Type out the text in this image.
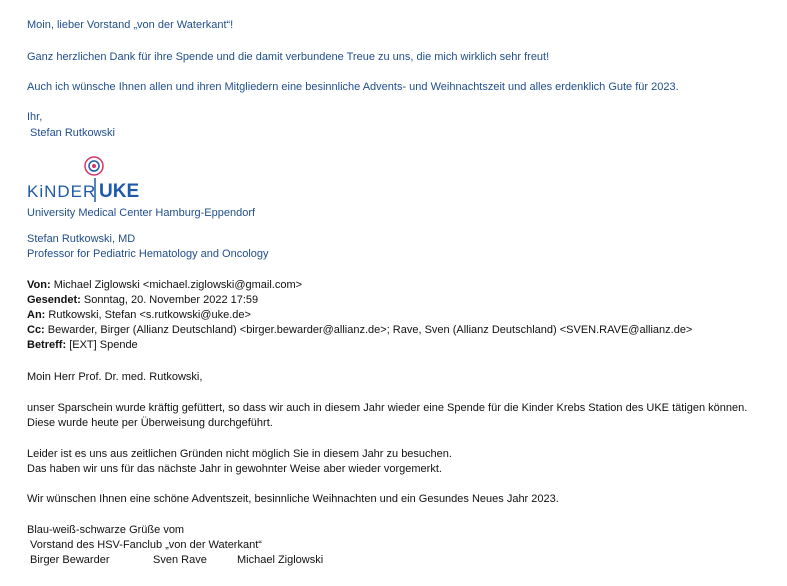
Moin, lieber Vorstand „von der Waterkant“!
Ganz herzlichen Dank für ihre Spende und die damit verbundene Treue zu uns, die mich wirklich sehr freut!
Auch ich wünsche Ihnen allen und ihren Mitgliedern eine besinnliche Advents- und Weihnachtszeit und alles erdenklich Gute für 2023.
Ihr,
Stefan Rutkowski
KiNDER UKE
University Medical Center Hamburg-Eppendorf
Stefan Rutkowski, MD
Professor for Pediatric Hematology and Oncology
Von: Michael Ziglowski <michael.ziglowski@gmail.com>
Gesendet: Sonntag, 20. November 2022 17:59
An: Rutkowski, Stefan <s.rutkowski@uke.de>
Cc: Bewarder, Birger (Allianz Deutschland) <birger.bewarder@allianz.de>; Rave, Sven (Allianz Deutschland) <SVEN.RAVE@allianz.de>
Betreff: [EXT] Spende
Moin Herr Prof. Dr. med. Rutkowski,
unser Sparschein wurde kräftig gefüttert, so dass wir auch in diesem Jahr wieder eine Spende für die Kinder Krebs Station des UKE tätigen können.
Diese wurde heute per Überweisung durchgeführt.
Leider ist es uns aus zeitlichen Gründen nicht möglich Sie in diesem Jahr zu besuchen.
Das haben wir uns für das nächste Jahr in gewohnter Weise aber wieder vorgemerkt.
Wir wünschen Ihnen eine schöne Adventszeit, besinnliche Weihnachten und ein Gesundes Neues Jahr 2023.
Blau-weiß-schwarze Grüße vom
Vorstand des HSV-Fanclub „von der Waterkant“
Birger Bewarder	Sven Rave	Michael Ziglowski
